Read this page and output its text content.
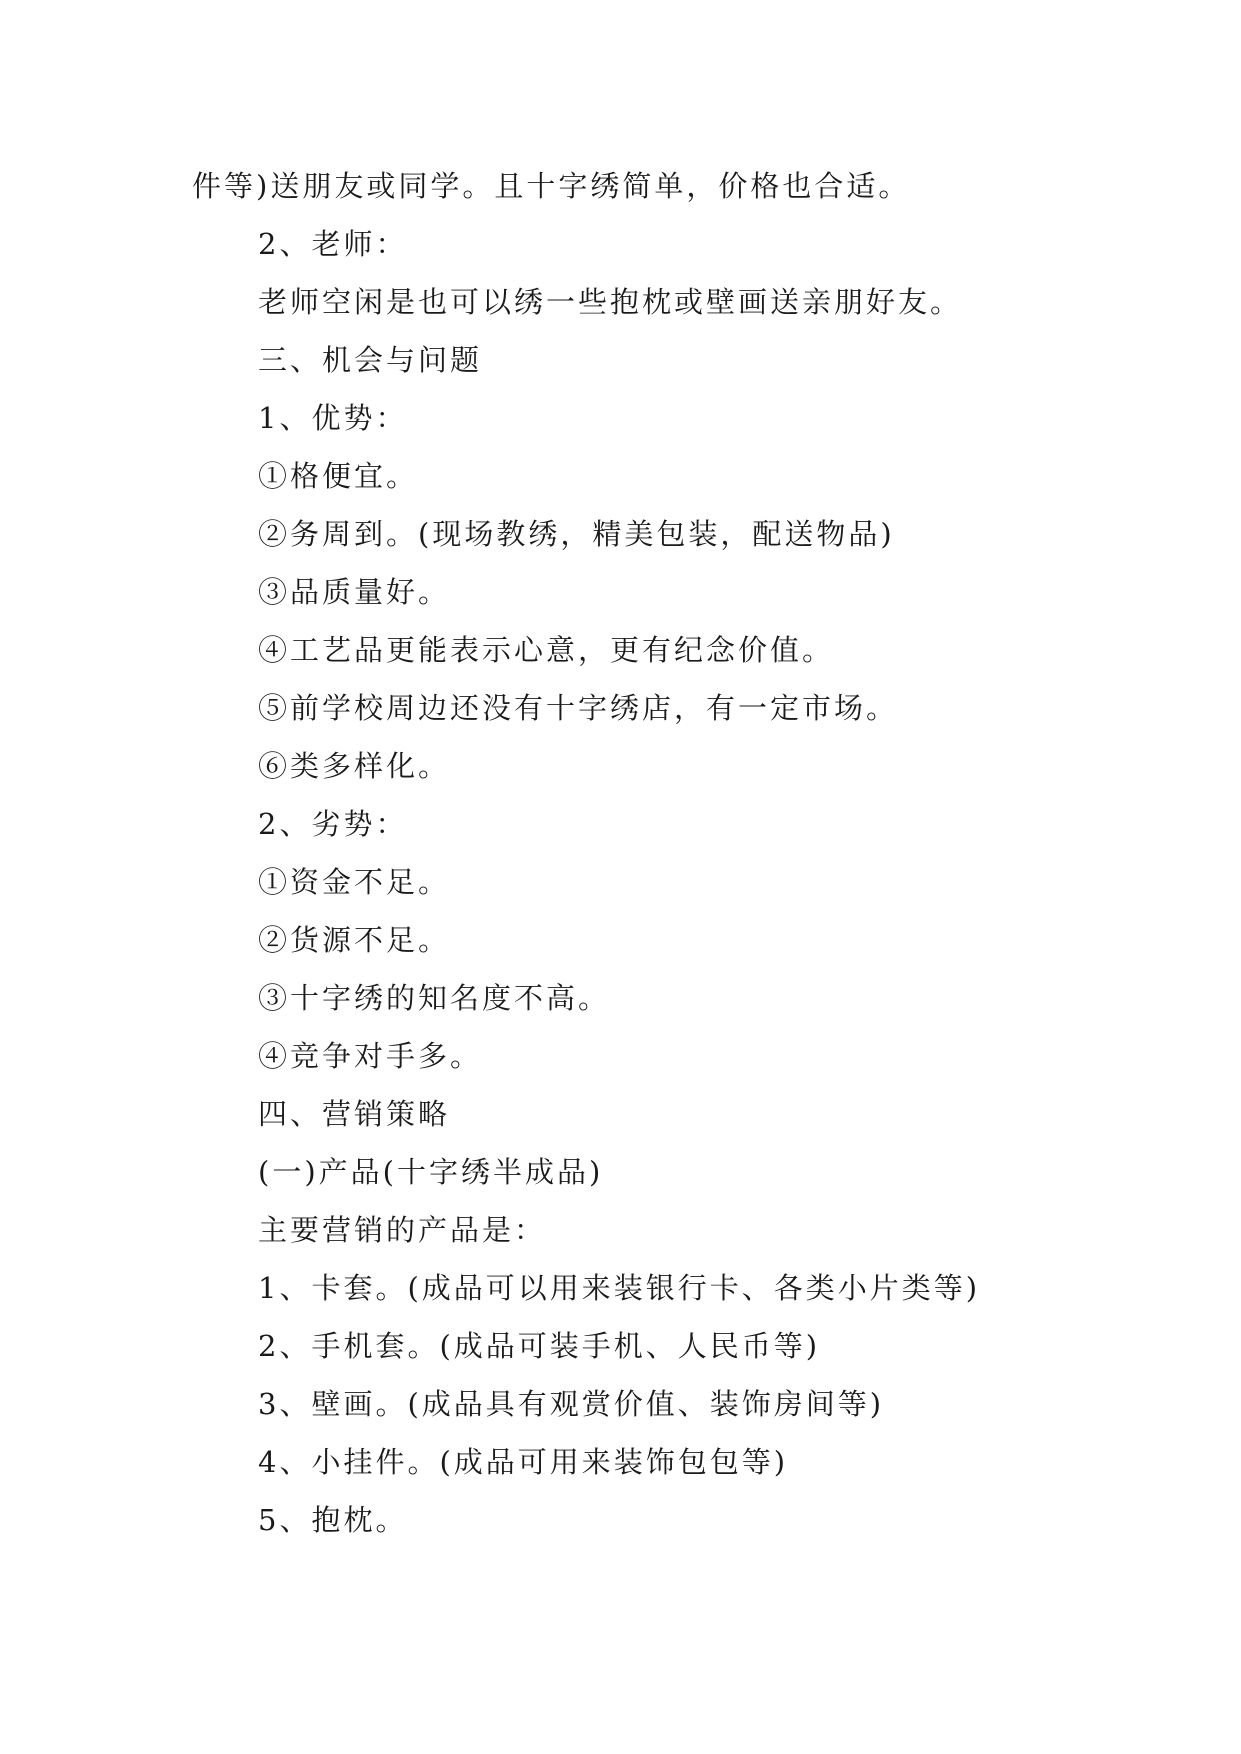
件等)送朋友或同学。且十字绣简单，价格也合适。
2、老师：
老师空闲是也可以绣一些抱枕或壁画送亲朋好友。
三、机会与问题
1、优势：
①格便宜。
②务周到。(现场教绣，精美包装，配送物品)
③品质量好。
④工艺品更能表示心意，更有纪念价值。
⑤前学校周边还没有十字绣店，有一定市场。
⑥类多样化。
2、劣势：
①资金不足。
②货源不足。
③十字绣的知名度不高。
④竞争对手多。
四、营销策略
(一)产品(十字绣半成品)
主要营销的产品是：
1、卡套。(成品可以用来装银行卡、各类小片类等)
2、手机套。(成品可装手机、人民币等)
3、壁画。(成品具有观赏价值、装饰房间等)
4、小挂件。(成品可用来装饰包包等)
5、抱枕。
